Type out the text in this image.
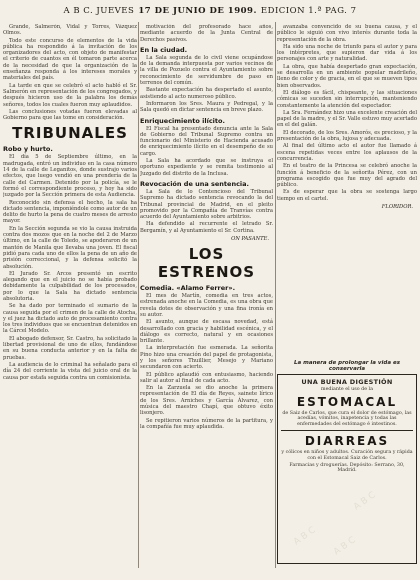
A B C. JUEVES 17 DE JUNIO DE 1909. EDICION 1.ª PAG. 7

Grande, Salmerón, Vidal y Torres, Vázquez Olmos.

Todo este concurso de elementos de la vida pública ha respondido á la invitación de los organizadores del acto, con objeto de manifestar el criterio de cuantos en él tomaron parte acerca de la necesidad de que la organización de la enseñanza responda á los intereses morales y materiales del país.

La tarde en que se celebró el acto habló el Sr. Salmerón en representación de los congregados, y después hicieron uso de la palabra los demás señores, todos los cuales fueron muy aplaudidos.

Las conclusiones votadas fueron elevadas al Gobierno para que las tome en consideración.

TRIBUNALES
Robo y hurto.

El día 5 de Septiembre último, en la madrugada, entró un individuo en la casa número 14 de la calle de Leganitos, donde sustrajo varios efectos, que luego vendió en una prendería de la calle del Carmen. Detenido por la policía, se le formó el correspondiente proceso, y hoy ha sido juzgado por la Sección primera de esta Audiencia.

Reconocido sin defensa el hecho, la sala ha dictado sentencia, imponiéndole como autor de un delito de hurto la pena de cuatro meses de arresto mayor.

En la Sección segunda se vio la causa instruida contra dos mozos que en la noche del 2 de Marzo último, en la calle de Toledo, se apoderaron de un mantón de Manila que llevaba una joven. El fiscal pidió para cada uno de ellos la pena de un año de prisión correccional, y la defensa solicitó la absolución.

El Jurado Sr. Arcos presentó un escrito alegando que en el juicio no se había probado debidamente la culpabilidad de los procesados, por lo que la Sala ha dictado sentencia absolutoria.

Se ha dado por terminado el sumario de la causa seguida por el crimen de la calle de Atocha, y el juez ha dictado auto de procesamiento contra los tres individuos que se encuentran detenidos en la Cárcel Modelo.

El abogado defensor, Sr. Castro, ha solicitado la libertad provisional de uno de ellos, fundándose en su buena conducta anterior y en la falta de pruebas.

La audiencia de lo criminal ha señalado para el día 24 del corriente la vista del juicio oral de la causa por estafa seguida contra un comisionista.

motivación del profesorado hace años, mediante acuerdo de la Junta Central de Derechos pasivos.

En la ciudad.

La Sala segunda de lo civil viene ocupándose de la demanda interpuesta por varios vecinos de la villa de Pozuelo contra el Ayuntamiento sobre reconocimiento de servidumbre de paso en terrenos del común.

Bastante expectación ha despertado el asunto, asistiendo al acto numeroso público.

Informaron los Sres. Maura y Pedregal, y la Sala quedó en dictar sentencia en breve plazo.

Enriquecimiento ilícito.

El Fiscal ha presentado denuncia ante la Sala de Gobierno del Tribunal Supremo contra un funcionario del Ministerio de Hacienda acusado de enriquecimiento ilícito en el desempeño de su cargo.

La Sala ha acordado que se instruya el oportuno expediente y se remita testimonio al Juzgado del distrito de la Inclusa.

Revocación de una sentencia.

La Sala de lo Contencioso del Tribunal Supremo ha dictado sentencia revocando la del Tribunal provincial de Madrid, en el pleito promovido por la Compañía de Tranvías contra acuerdo del Ayuntamiento sobre arbitrios.

Ha defendido al recurrente el letrado Sr. Bergamín, y al Ayuntamiento el Sr. Cortina.

ON PASANTE.
LOS ESTRENOS
Comedia. «Alamo Ferrer».

El mes de Martín, comedia en tres actos, estrenada anoche en la Comedia, es una obra que revela dotes de observación y una fina ironía en su autor.

El asunto, aunque de escasa novedad, está desarrollado con gracia y habilidad escénica, y el diálogo es correcto, natural y en ocasiones brillante.

La interpretación fue esmerada. La señorita Pino hizo una creación del papel de protagonista, y los señores Thuillier, Mesejo y Mariano secundaron con acierto.

El público aplaudió con entusiasmo, haciendo salir al autor al final de cada acto.

En la Zarzuela se dio anoche la primera representación de El día de Reyes, sainete lírico de los Sres. Arniches y García Álvarez, con música del maestro Chapí, que obtuvo éxito lisonjero.

Se repitieron varios números de la partitura, y la compañía fue muy aplaudida.

avanzaba convencido de su buena causa, y el público le siguió con vivo interés durante toda la representación de la obra.

Ha sido una noche de triunfo para el autor y para los intérpretes, que supieron dar vida á los personajes con arte y naturalidad.

La obra, que había despertado gran expectación, se desarrolla en un ambiente popular madrileño, lleno de color y de gracia, en el que se mueven tipos bien observados.

El diálogo es fácil, chispeante, y las situaciones cómicas se suceden sin interrupción, manteniendo constantemente la atención del espectador.

La Sra. Fernández hizo una excelente creación del papel de la madre, y el Sr. Valle estuvo muy acertado en el del galán.

El decorado, de los Sres. Amorós, es precioso, y la presentación de la obra, lujosa y adecuada.

Al final del último acto el autor fue llamado á escena repetidas veces entre los aplausos de la concurrencia.

En el teatro de la Princesa se celebró anoche la función á beneficio de la señorita Pérez, con un programa escogido que fue muy del agrado del público.

Es de esperar que la obra se sostenga largo tiempo en el cartel.

FLORIDOR.
La manera de prolongar la vida es conservarla
UNA BUENA DIGESTIÓN
mediante el uso de la
ESTOMACAL
de Saiz de Carlos, que cura el dolor de estómago, las acedías, vómitos, inapetencia y todas las enfermedades del estómago é intestinos.
DIARREAS
y cólicos en niños y adultos. Curación segura y rápida con el Estomacal Saiz de Carlos.
Farmacias y droguerías. Depósito: Serrano, 30, Madrid.
A B C A B C
A B C
